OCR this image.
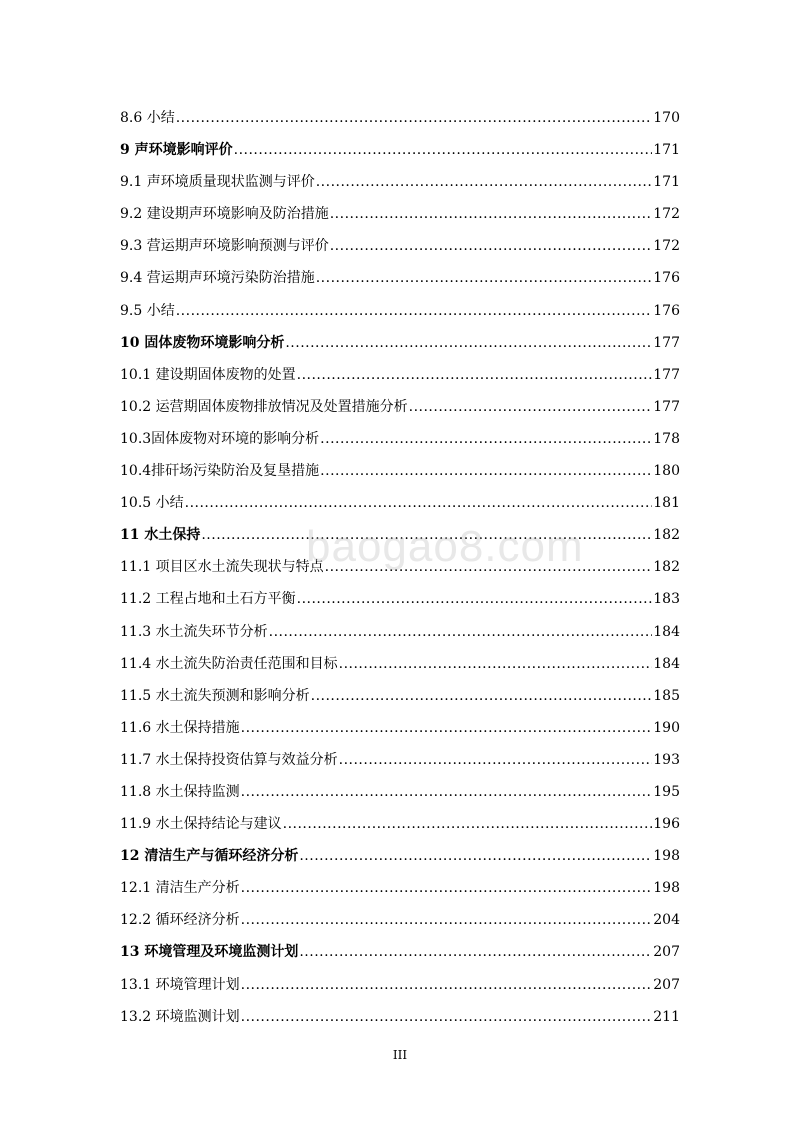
8.6 小结 .....	170
9 声环境影响评价 .....	171
9.1 声环境质量现状监测与评价 .....	171
9.2 建设期声环境影响及防治措施 .....	172
9.3 营运期声环境影响预测与评价 .....	172
9.4 营运期声环境污染防治措施 .....	176
9.5 小结 .....	176
10 固体废物环境影响分析 .....	177
10.1 建设期固体废物的处置 .....	177
10.2 运营期固体废物排放情况及处置措施分析 .....	177
10.3固体废物对环境的影响分析 .....	178
10.4排矸场污染防治及复垦措施 .....	180
10.5 小结 .....	181
11 水土保持 .....	182
11.1 项目区水土流失现状与特点 .....	182
11.2 工程占地和土石方平衡 .....	183
11.3 水土流失环节分析 .....	184
11.4 水土流失防治责任范围和目标 .....	184
11.5 水土流失预测和影响分析 .....	185
11.6 水土保持措施 .....	190
11.7 水土保持投资估算与效益分析 .....	193
11.8 水土保持监测 .....	195
11.9 水土保持结论与建议 .....	196
12 清洁生产与循环经济分析 .....	198
12.1 清洁生产分析 .....	198
12.2 循环经济分析 .....	204
13 环境管理及环境监测计划 .....	207
13.1 环境管理计划 .....	207
13.2 环境监测计划 .....	211
baogao8.com
III
